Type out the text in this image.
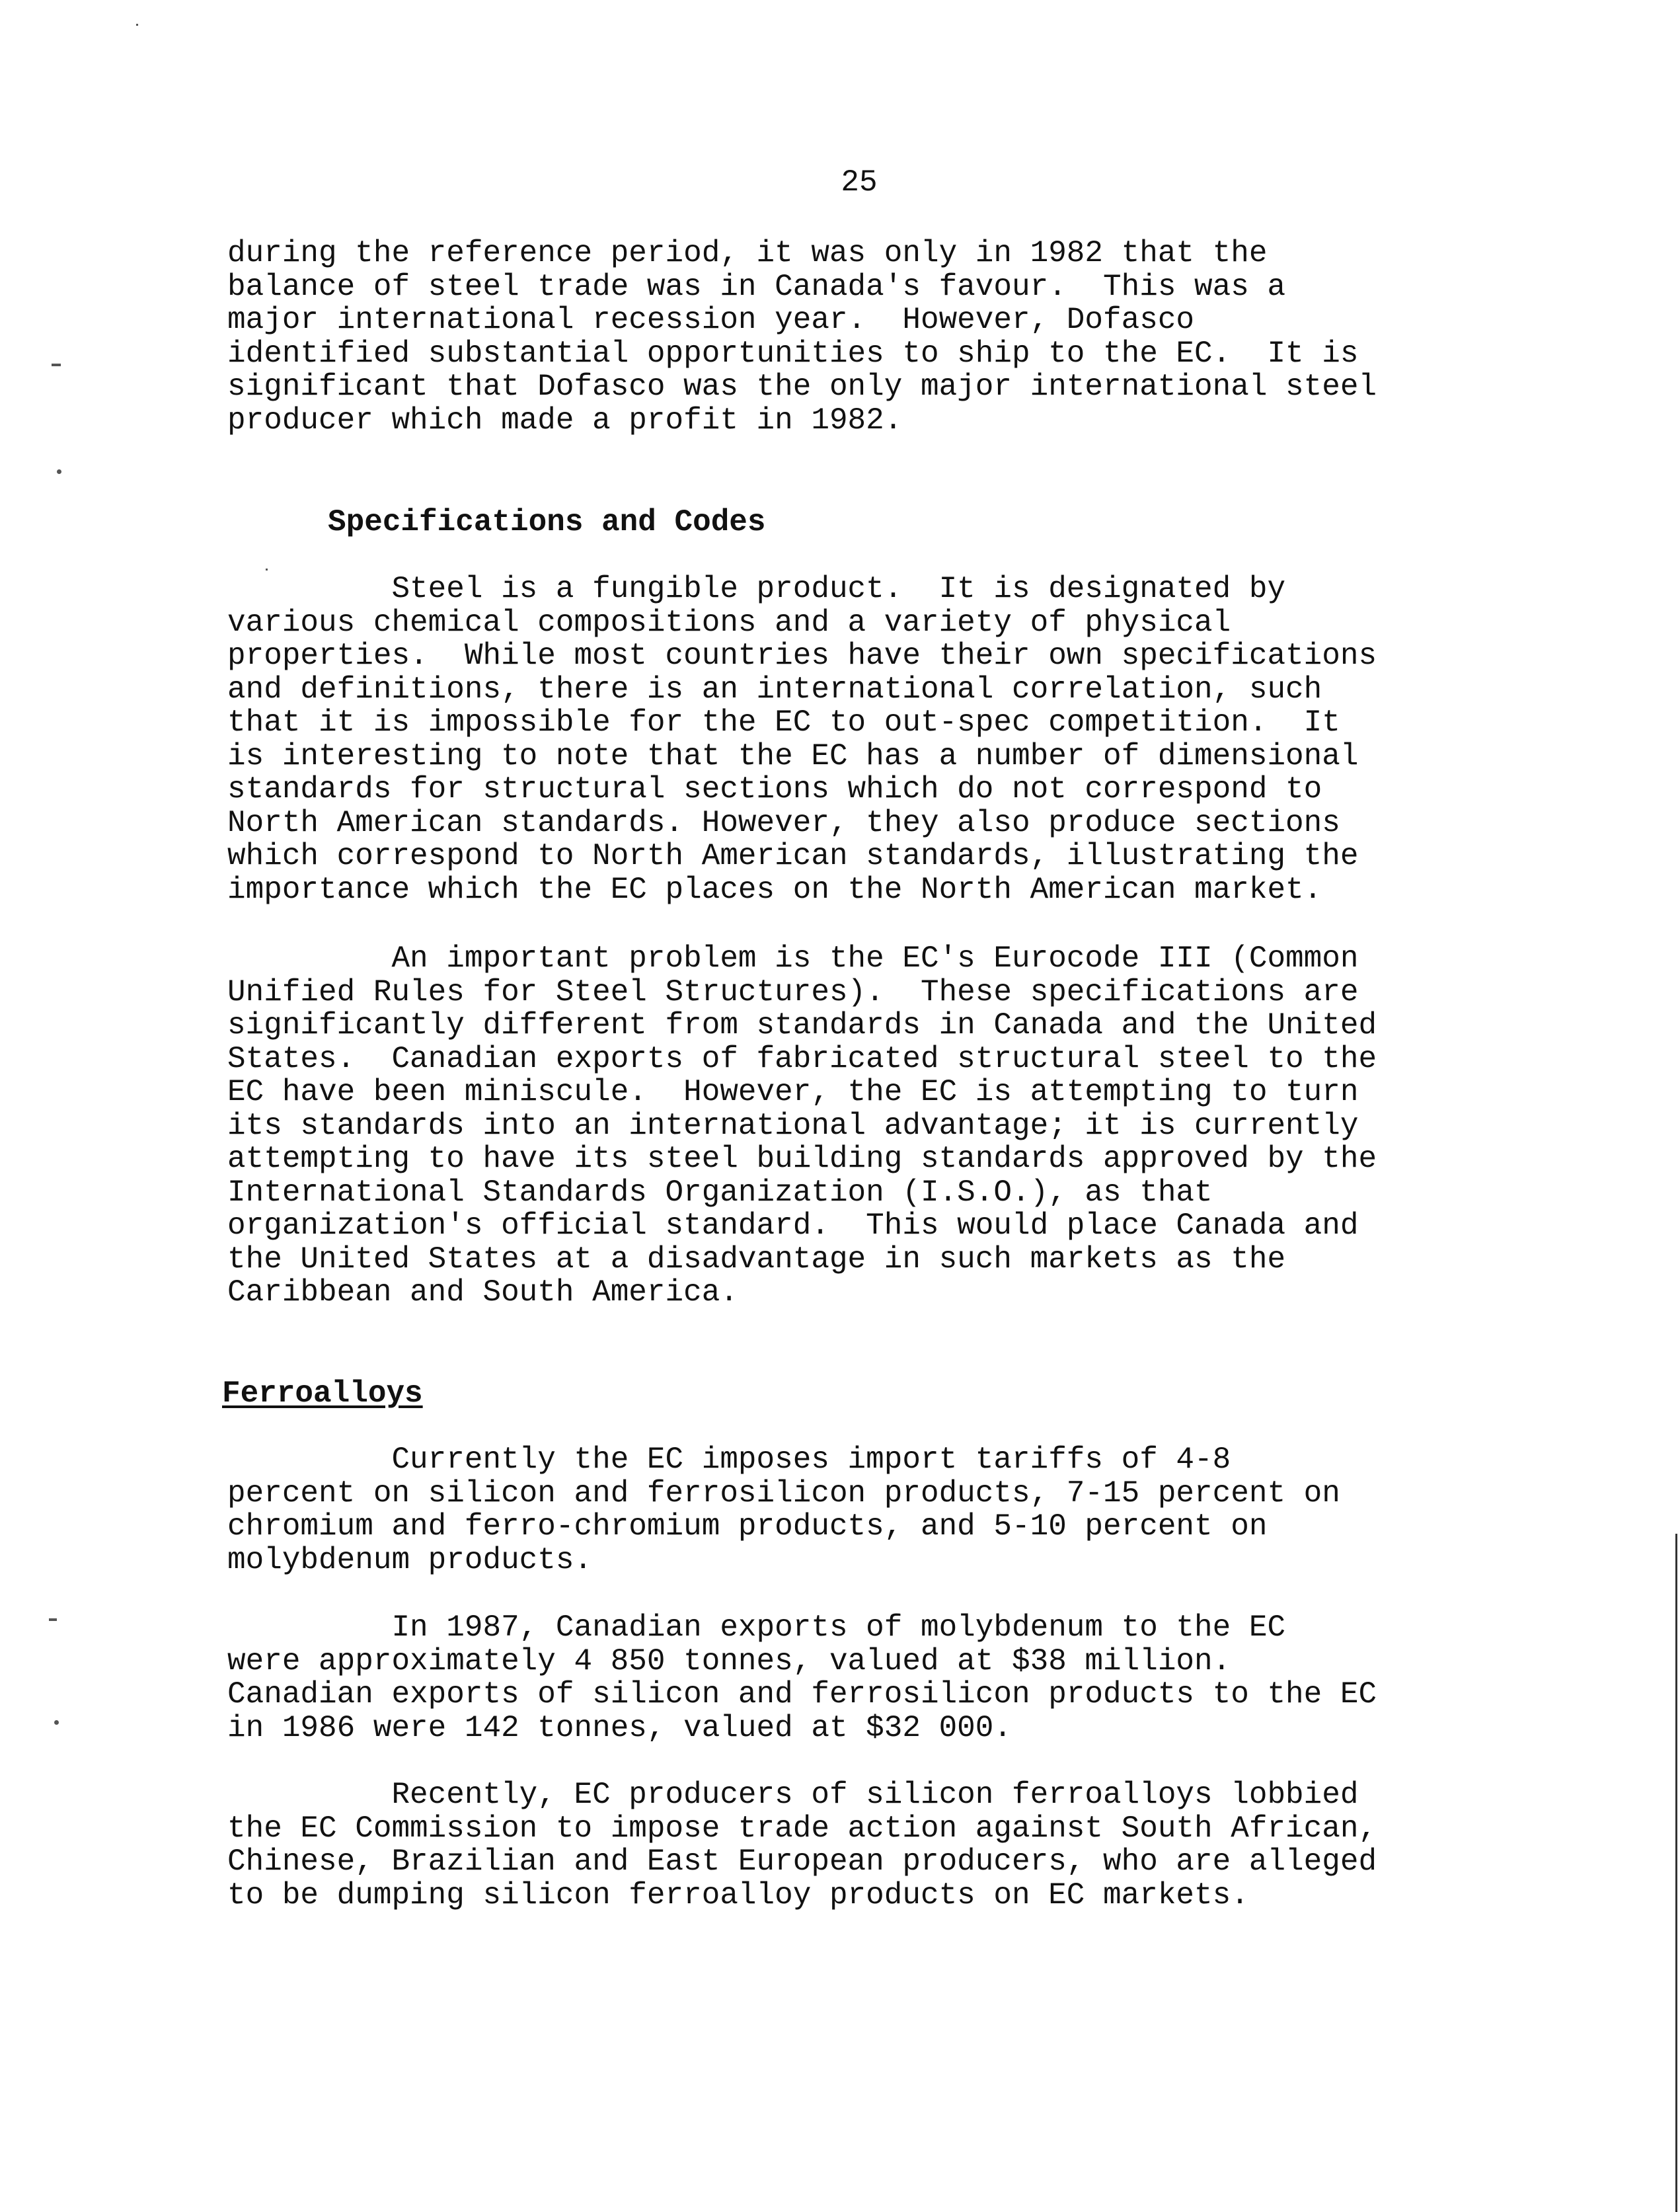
25

during the reference period, it was only in 1982 that the
balance of steel trade was in Canada's favour.  This was a
major international recession year.  However, Dofasco
identified substantial opportunities to ship to the EC.  It is
significant that Dofasco was the only major international steel
producer which made a profit in 1982.

Specifications and Codes

Steel is a fungible product.  It is designated by
various chemical compositions and a variety of physical
properties.  While most countries have their own specifications
and definitions, there is an international correlation, such
that it is impossible for the EC to out-spec competition.  It
is interesting to note that the EC has a number of dimensional
standards for structural sections which do not correspond to
North American standards. However, they also produce sections
which correspond to North American standards, illustrating the
importance which the EC places on the North American market.

An important problem is the EC's Eurocode III (Common
Unified Rules for Steel Structures).  These specifications are
significantly different from standards in Canada and the United
States.  Canadian exports of fabricated structural steel to the
EC have been miniscule.  However, the EC is attempting to turn
its standards into an international advantage; it is currently
attempting to have its steel building standards approved by the
International Standards Organization (I.S.O.), as that
organization's official standard.  This would place Canada and
the United States at a disadvantage in such markets as the
Caribbean and South America.

Ferroalloys

Currently the EC imposes import tariffs of 4-8
percent on silicon and ferrosilicon products, 7-15 percent on
chromium and ferro-chromium products, and 5-10 percent on
molybdenum products.

In 1987, Canadian exports of molybdenum to the EC
were approximately 4 850 tonnes, valued at $38 million.
Canadian exports of silicon and ferrosilicon products to the EC
in 1986 were 142 tonnes, valued at $32 000.

Recently, EC producers of silicon ferroalloys lobbied
the EC Commission to impose trade action against South African,
Chinese, Brazilian and East European producers, who are alleged
to be dumping silicon ferroalloy products on EC markets.
